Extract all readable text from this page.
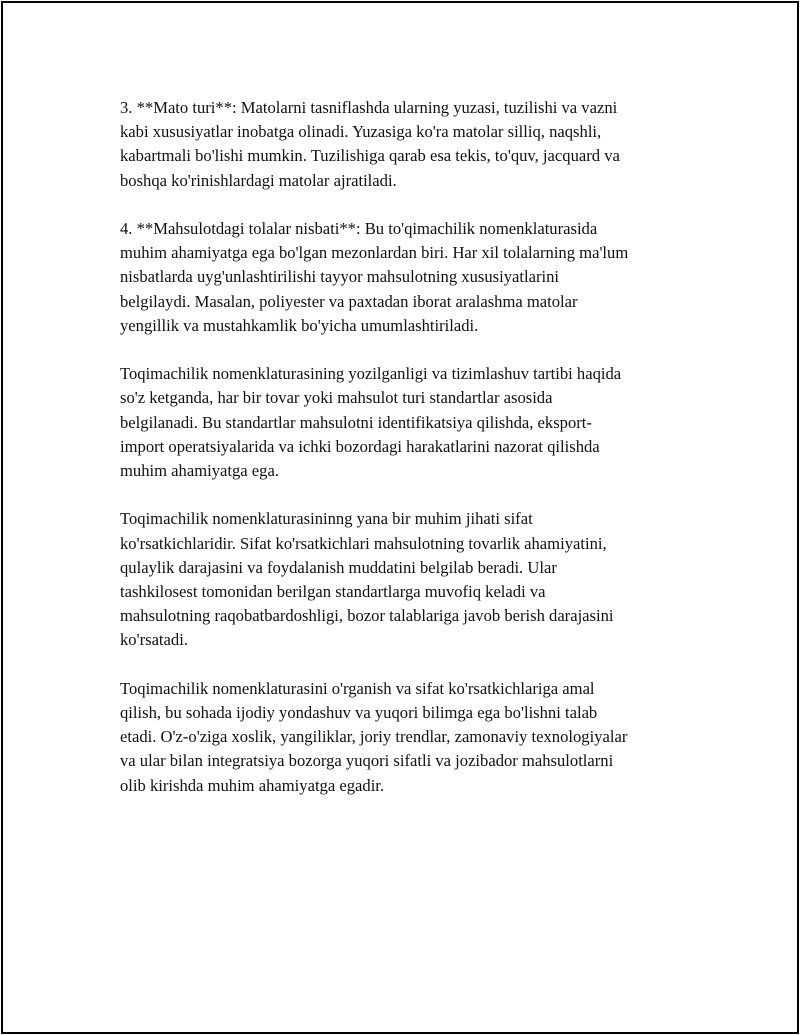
3. **Mato turi**: Matolarni tasniflashda ularning yuzasi, tuzilishi va vazni
kabi xususiyatlar inobatga olinadi. Yuzasiga ko'ra matolar silliq, naqshli,
kabartmali bo'lishi mumkin. Tuzilishiga qarab esa tekis, to'quv, jacquard va
boshqa ko'rinishlardagi matolar ajratiladi.

4. **Mahsulotdagi tolalar nisbati**: Bu to'qimachilik nomenklaturasida
muhim ahamiyatga ega bo'lgan mezonlardan biri. Har xil tolalarning ma'lum
nisbatlarda uyg'unlashtirilishi tayyor mahsulotning xususiyatlarini
belgilaydi. Masalan, poliyester va paxtadan iborat aralashma matolar
yengillik va mustahkamlik bo'yicha umumlashtiriladi.

Toqimachilik nomenklaturasining yozilganligi va tizimlashuv tartibi haqida
so'z ketganda, har bir tovar yoki mahsulot turi standartlar asosida
belgilanadi. Bu standartlar mahsulotni identifikatsiya qilishda, eksport-
import operatsiyalarida va ichki bozordagi harakatlarini nazorat qilishda
muhim ahamiyatga ega.

Toqimachilik nomenklaturasininng yana bir muhim jihati sifat
ko'rsatkichlaridir. Sifat ko'rsatkichlari mahsulotning tovarlik ahamiyatini,
qulaylik darajasini va foydalanish muddatini belgilab beradi. Ular
tashkilosest tomonidan berilgan standartlarga muvofiq keladi va
mahsulotning raqobatbardoshligi, bozor talablariga javob berish darajasini
ko'rsatadi.

Toqimachilik nomenklaturasini o'rganish va sifat ko'rsatkichlariga amal
qilish, bu sohada ijodiy yondashuv va yuqori bilimga ega bo'lishni talab
etadi. O'z-o'ziga xoslik, yangiliklar, joriy trendlar, zamonaviy texnologiyalar
va ular bilan integratsiya bozorga yuqori sifatli va jozibador mahsulotlarni
olib kirishda muhim ahamiyatga egadir.
